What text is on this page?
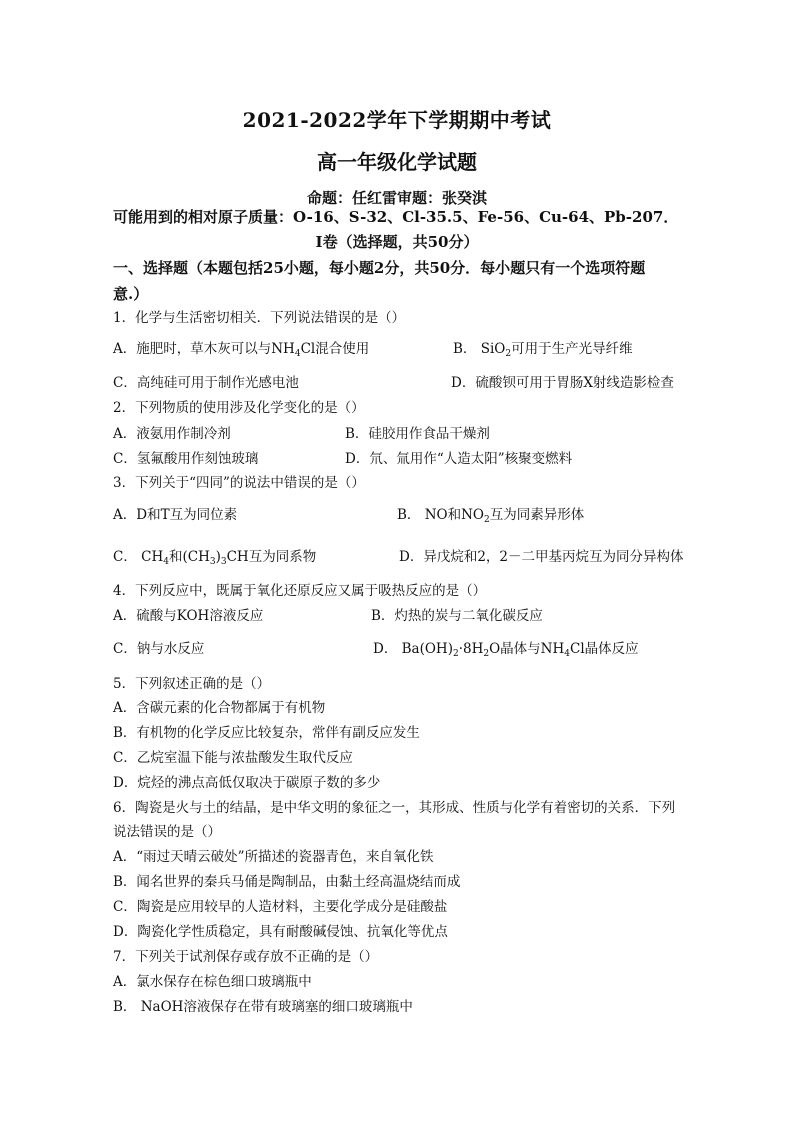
2021-2022学年下学期期中考试
高一年级化学试题
命题：任红雷审题：张癸淇
可能用到的相对原子质量：O-16、S-32、Cl-35.5、Fe-56、Cu-64、Pb-207．
Ⅰ卷（选择题，共50分）
一、选择题（本题包括25小题，每小题2分，共50分．每小题只有一个选项符题
意.）
1．化学与生活密切相关．下列说法错误的是（）
A．施肥时，草木灰可以与$NH_4Cl$混合使用	B． SiO$_2$可用于生产光导纤维
C．高纯硅可用于制作光感电池	D．硫酸钡可用于胃肠X射线造影检查
2．下列物质的使用涉及化学变化的是（）
A．液氨用作制冷剂	B．硅胶用作食品干燥剂
C．氢氟酸用作刻蚀玻璃	D．氘、氚用作“人造太阳”核聚变燃料
3．下列关于“四同”的说法中错误的是（）
A．D和T互为同位素	B． NO和$NO_2$互为同素异形体
C． $CH_4$和$(CH_3)_3CH$互为同系物	D．异戊烷和2，2－二甲基丙烷互为同分异构体
4．下列反应中，既属于氧化还原反应又属于吸热反应的是（）
A．硫酸与KOH溶液反应	B．灼热的炭与二氧化碳反应
C．钠与水反应	D． $Ba(OH)_2\cdot 8H_2O$晶体与$NH_4Cl$晶体反应
5．下列叙述正确的是（）
A．含碳元素的化合物都属于有机物
B．有机物的化学反应比较复杂，常伴有副反应发生
C．乙烷室温下能与浓盐酸发生取代反应
D．烷烃的沸点高低仅取决于碳原子数的多少
6．陶瓷是火与土的结晶，是中华文明的象征之一，其形成、性质与化学有着密切的关系．下列
说法错误的是（）
A．“雨过天晴云破处”所描述的瓷器青色，来自氧化铁
B．闻名世界的秦兵马俑是陶制品，由黏土经高温烧结而成
C．陶瓷是应用较早的人造材料，主要化学成分是硅酸盐
D．陶瓷化学性质稳定，具有耐酸碱侵蚀、抗氧化等优点
7．下列关于试剂保存或存放不正确的是（）
A．氯水保存在棕色细口玻璃瓶中
B． NaOH溶液保存在带有玻璃塞的细口玻璃瓶中
